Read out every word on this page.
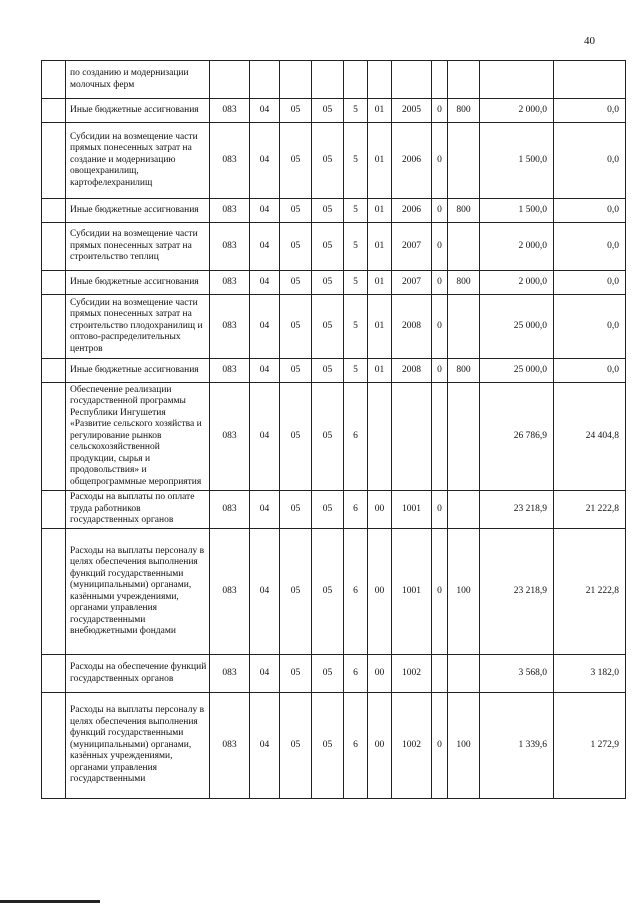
40
	по созданию и модернизации молочных ферм											
	Иные бюджетные ассигнования	083	04	05	05	5	01	2005	0	800	2 000,0	0,0
	Субсидии на возмещение части прямых понесенных затрат на создание и модернизацию овощехранилищ, картофелехранилищ	083	04	05	05	5	01	2006	0		1 500,0	0,0
	Иные бюджетные ассигнования	083	04	05	05	5	01	2006	0	800	1 500,0	0,0
	Субсидии на возмещение части прямых понесенных затрат на строительство теплиц	083	04	05	05	5	01	2007	0		2 000,0	0,0
	Иные бюджетные ассигнования	083	04	05	05	5	01	2007	0	800	2 000,0	0,0
	Субсидии на возмещение части прямых понесенных затрат на строительство плодохранилищ и оптово-распределительных центров	083	04	05	05	5	01	2008	0		25 000,0	0,0
	Иные бюджетные ассигнования	083	04	05	05	5	01	2008	0	800	25 000,0	0,0
	Обеспечение реализации государственной программы Республики Ингушетия «Развитие сельского хозяйства и регулирование рынков сельскохозяйственной продукции, сырья и продовольствия» и общепрограммные мероприятия	083	04	05	05	6					26 786,9	24 404,8
	Расходы на выплаты по оплате труда работников государственных органов	083	04	05	05	6	00	1001	0		23 218,9	21 222,8
	Расходы на выплаты персоналу в целях обеспечения выполнения функций государственными (муниципальными) органами, казёнными учреждениями, органами управления государственными внебюджетными фондами	083	04	05	05	6	00	1001	0	100	23 218,9	21 222,8
	Расходы на обеспечение функций государственных органов	083	04	05	05	6	00	1002			3 568,0	3 182,0
	Расходы на выплаты персоналу в целях обеспечения выполнения функций государственными (муниципальными) органами, казённых учреждениями, органами управления государственными	083	04	05	05	6	00	1002	0	100	1 339,6	1 272,9
